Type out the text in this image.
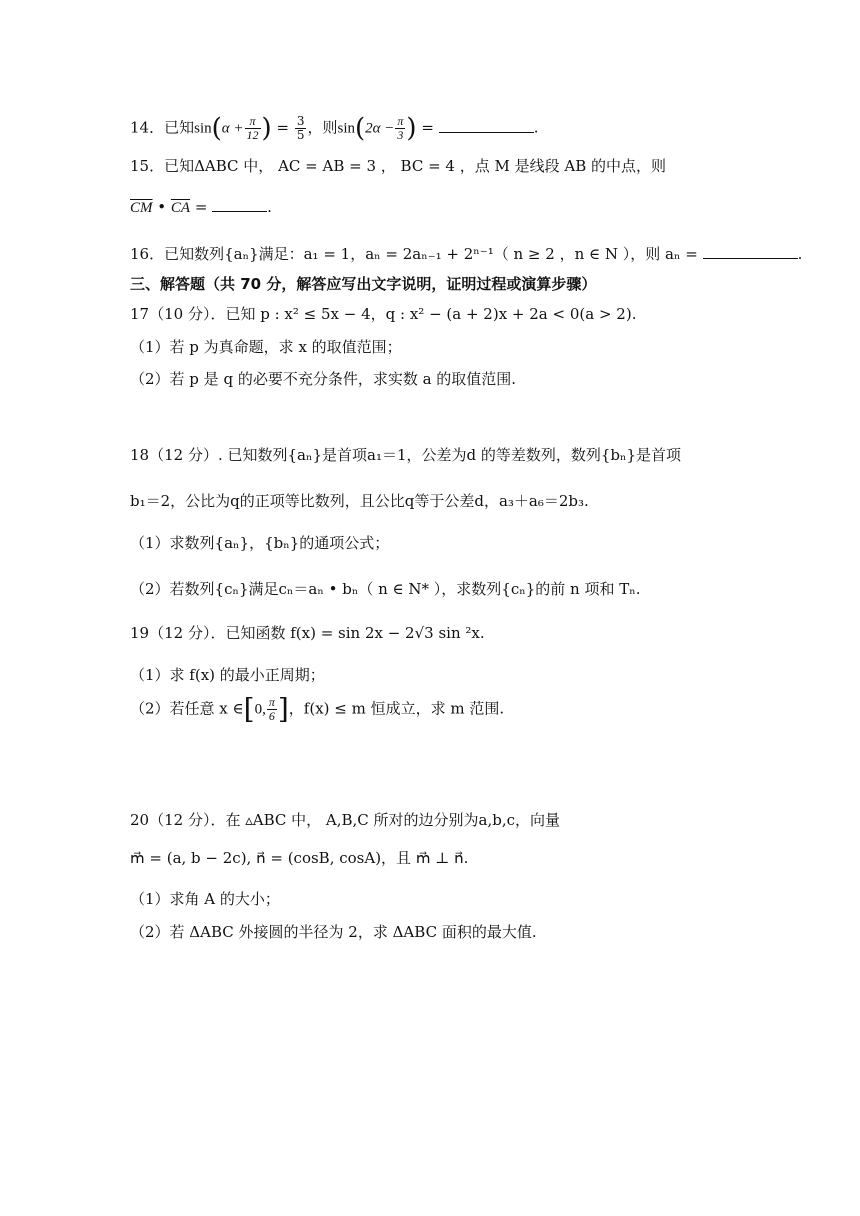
14．已知$\sin(\alpha + \frac{\pi}{12}$ ) = $\frac{3}{5}$ ，则$\sin(2\alpha - \frac{\pi}{3}$ ) =	.
15．已知ΔABC 中， AC = AB = 3 ， BC = 4 ，点 M 是线段 AB 的中点，则
$\overline{CM}$ • $\overline{CA}$ =	.
16．已知数列{aₙ}满足：a₁ = 1，aₙ = 2aₙ₋₁ + 2ⁿ⁻¹（ n ≥ 2 ，n ∈ N ），则 aₙ =	.
三、解答题（共 70 分，解答应写出文字说明，证明过程或演算步骤）
17（10 分）．已知 p : x² ≤ 5x − 4，q : x² − (a + 2)x + 2a < 0(a > 2).
（1）若 p 为真命题，求 x 的取值范围；
（2）若 p 是 q 的必要不充分条件，求实数 a 的取值范围.
18（12 分）. 已知数列{aₙ}是首项a₁＝1，公差为d 的等差数列，数列{bₙ}是首项
b₁＝2，公比为q的正项等比数列，且公比q等于公差d，a₃＋a₆＝2b₃.
（1）求数列{aₙ}，{bₙ}的通项公式；
（2）若数列{cₙ}满足cₙ＝aₙ • bₙ（ n ∈ N* ），求数列{cₙ}的前 n 项和 Tₙ.
19（12 分）．已知函数 f(x) = sin 2x − 2√3 sin ²x.
（1）求 f(x) 的最小正周期；
（2）若任意 x ∈[0, $\frac{\pi}{6}$ ]，f(x) ≤ m 恒成立，求 m 范围.
20（12 分）．在 ▵ABC 中， A,B,C 所对的边分别为a,b,c，向量
m⃗ = (a, b − 2c), n⃗ = (cosB, cosA)，且 m⃗ ⊥ n⃗.
（1）求角 A 的大小；
（2）若 ΔABC 外接圆的半径为 2，求 ΔABC 面积的最大值.
